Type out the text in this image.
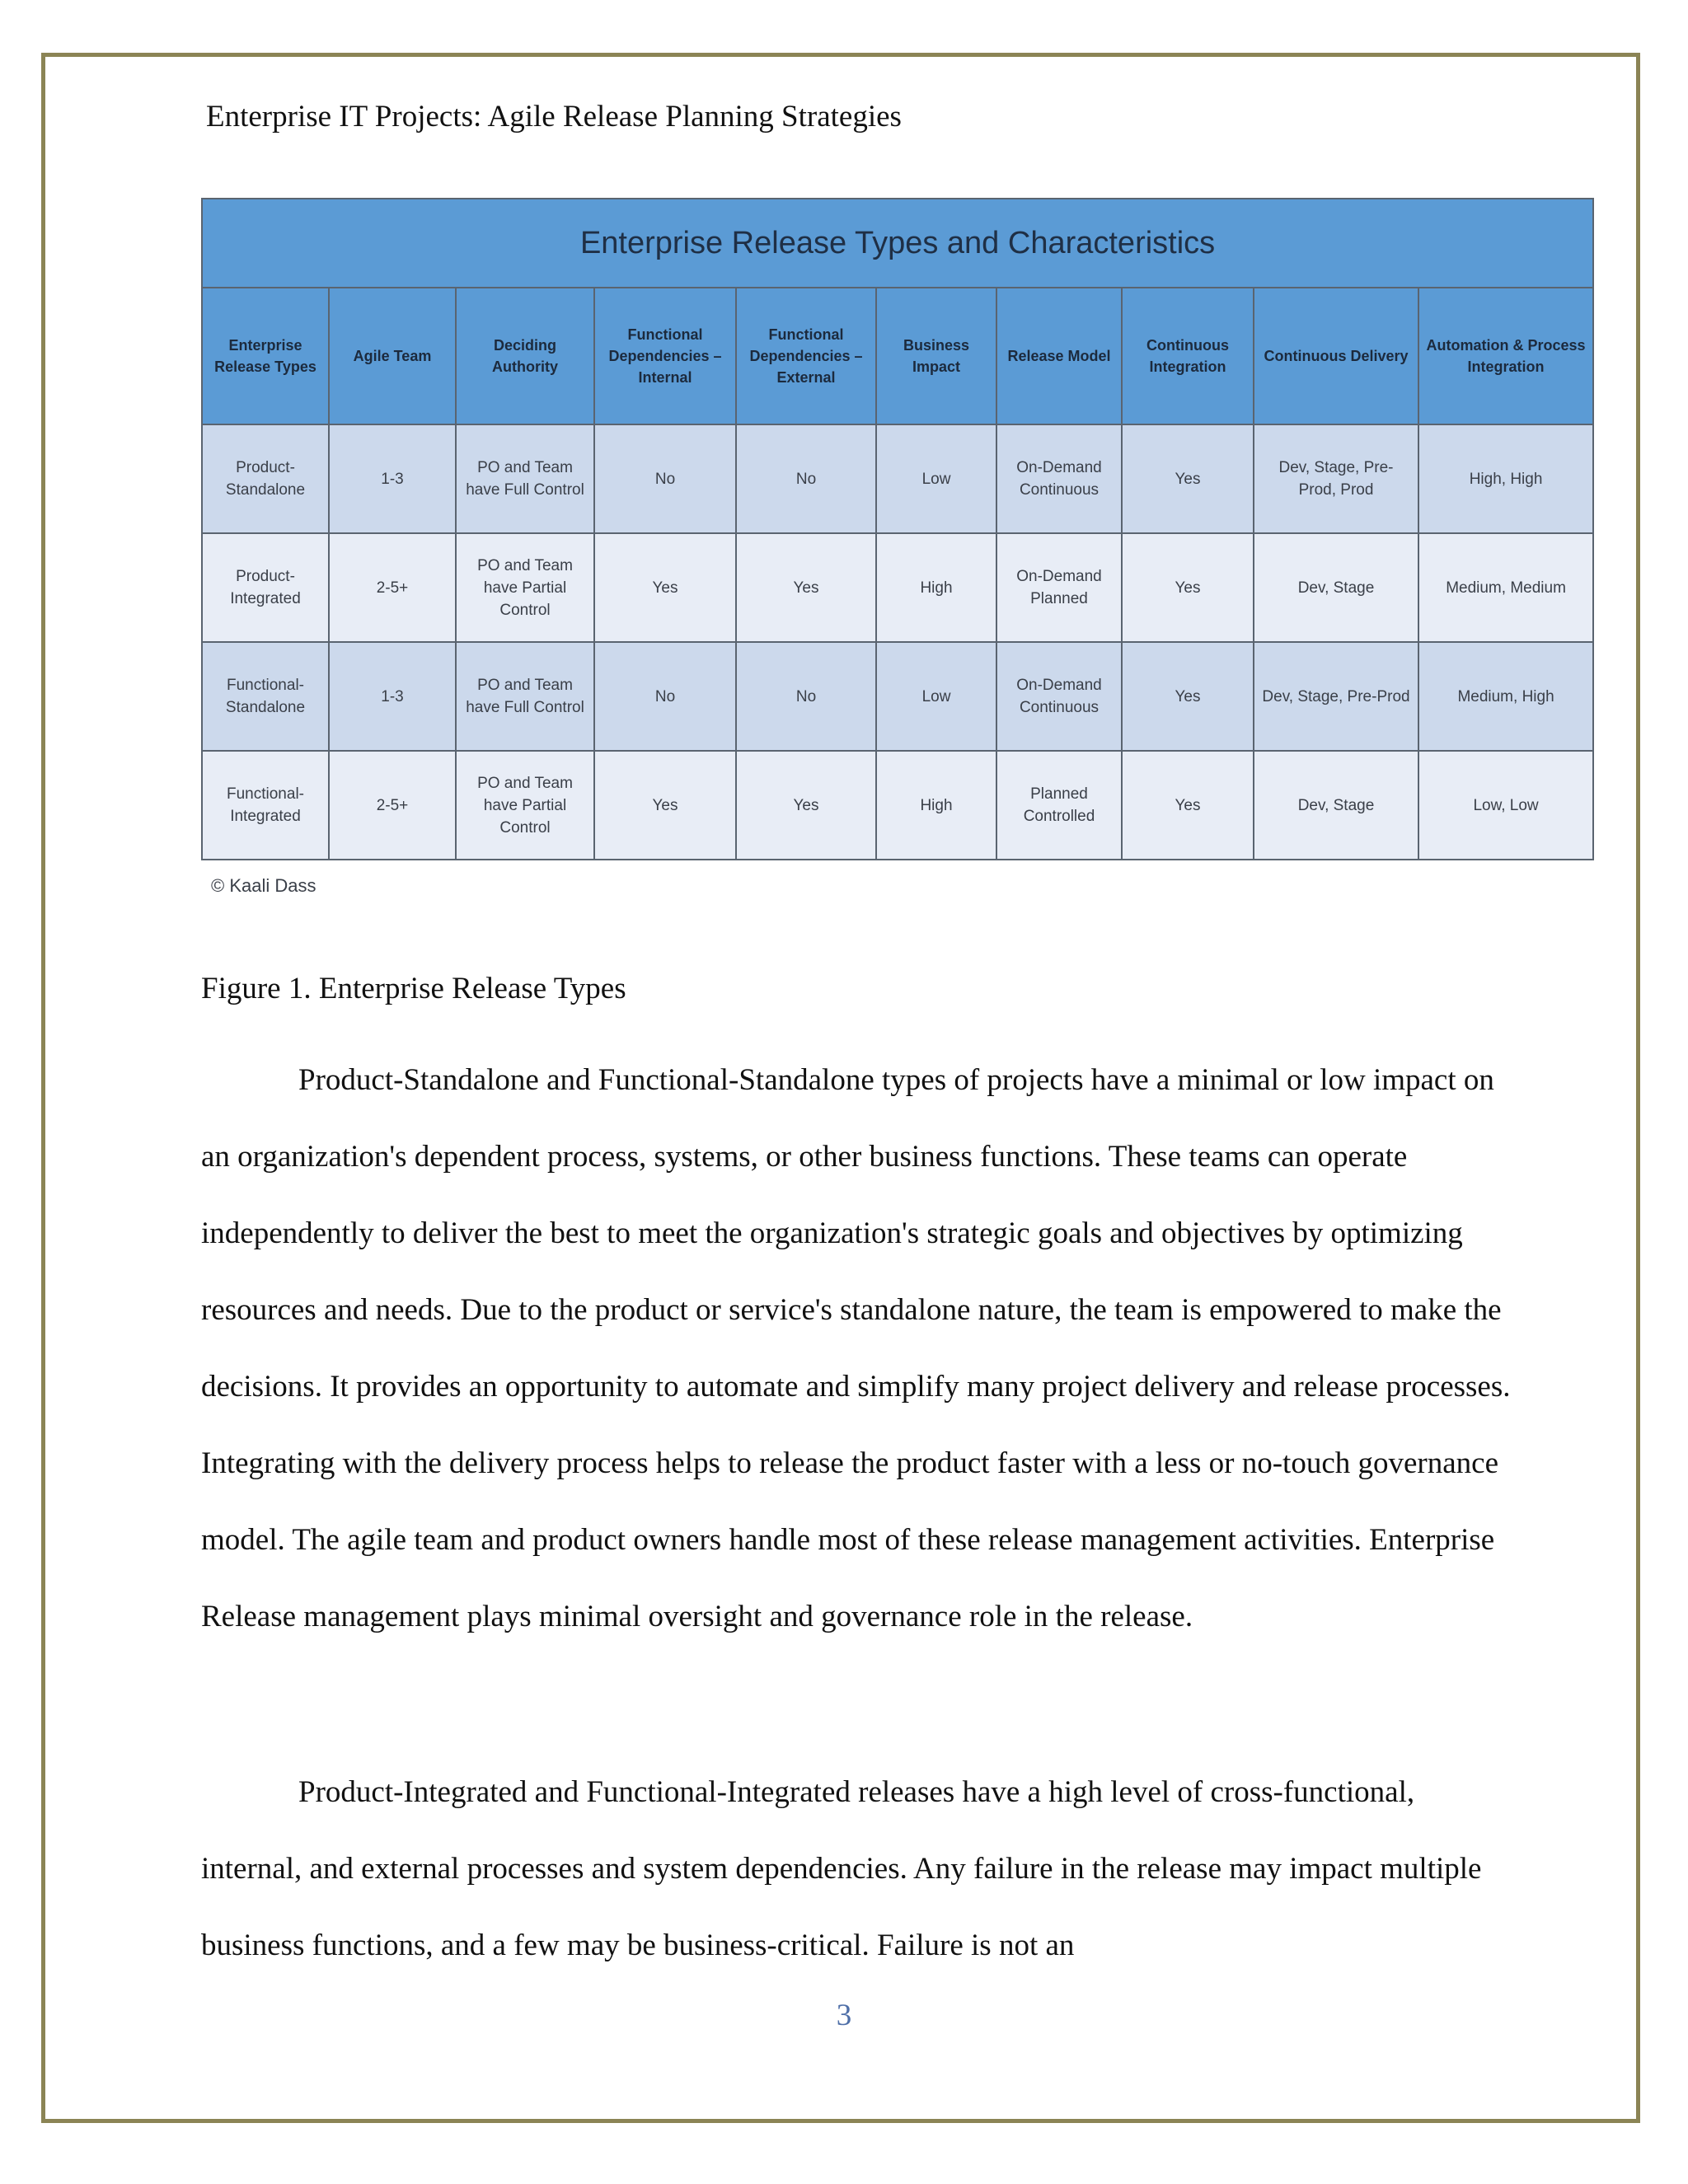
Enterprise IT Projects: Agile Release Planning Strategies
Enterprise Release Types and Characteristics									
Enterprise Release Types	Agile Team	Deciding Authority	Functional Dependencies – Internal	Functional Dependencies – External	Business Impact	Release Model	Continuous Integration	Continuous Delivery	Automation & Process Integration
Product-Standalone	1-3	PO and Team have Full Control	No	No	Low	On-Demand Continuous	Yes	Dev, Stage, Pre-Prod, Prod	High, High
Product-Integrated	2-5+	PO and Team have Partial Control	Yes	Yes	High	On-Demand Planned	Yes	Dev, Stage	Medium, Medium
Functional-Standalone	1-3	PO and Team have Full Control	No	No	Low	On-Demand Continuous	Yes	Dev, Stage, Pre-Prod	Medium, High
Functional-Integrated	2-5+	PO and Team have Partial Control	Yes	Yes	High	Planned Controlled	Yes	Dev, Stage	Low, Low
© Kaali Dass
Figure 1. Enterprise Release Types

Product-Standalone and Functional-Standalone types of projects have a minimal or low impact on an organization's dependent process, systems, or other business functions. These teams can operate independently to deliver the best to meet the organization's strategic goals and objectives by optimizing resources and needs. Due to the product or service's standalone nature, the team is empowered to make the decisions. It provides an opportunity to automate and simplify many project delivery and release processes. Integrating with the delivery process helps to release the product faster with a less or no-touch governance model. The agile team and product owners handle most of these release management activities. Enterprise Release management plays minimal oversight and governance role in the release.

Product-Integrated and Functional-Integrated releases have a high level of cross-functional, internal, and external processes and system dependencies. Any failure in the release may impact multiple business functions, and a few may be business-critical. Failure is not an

3
